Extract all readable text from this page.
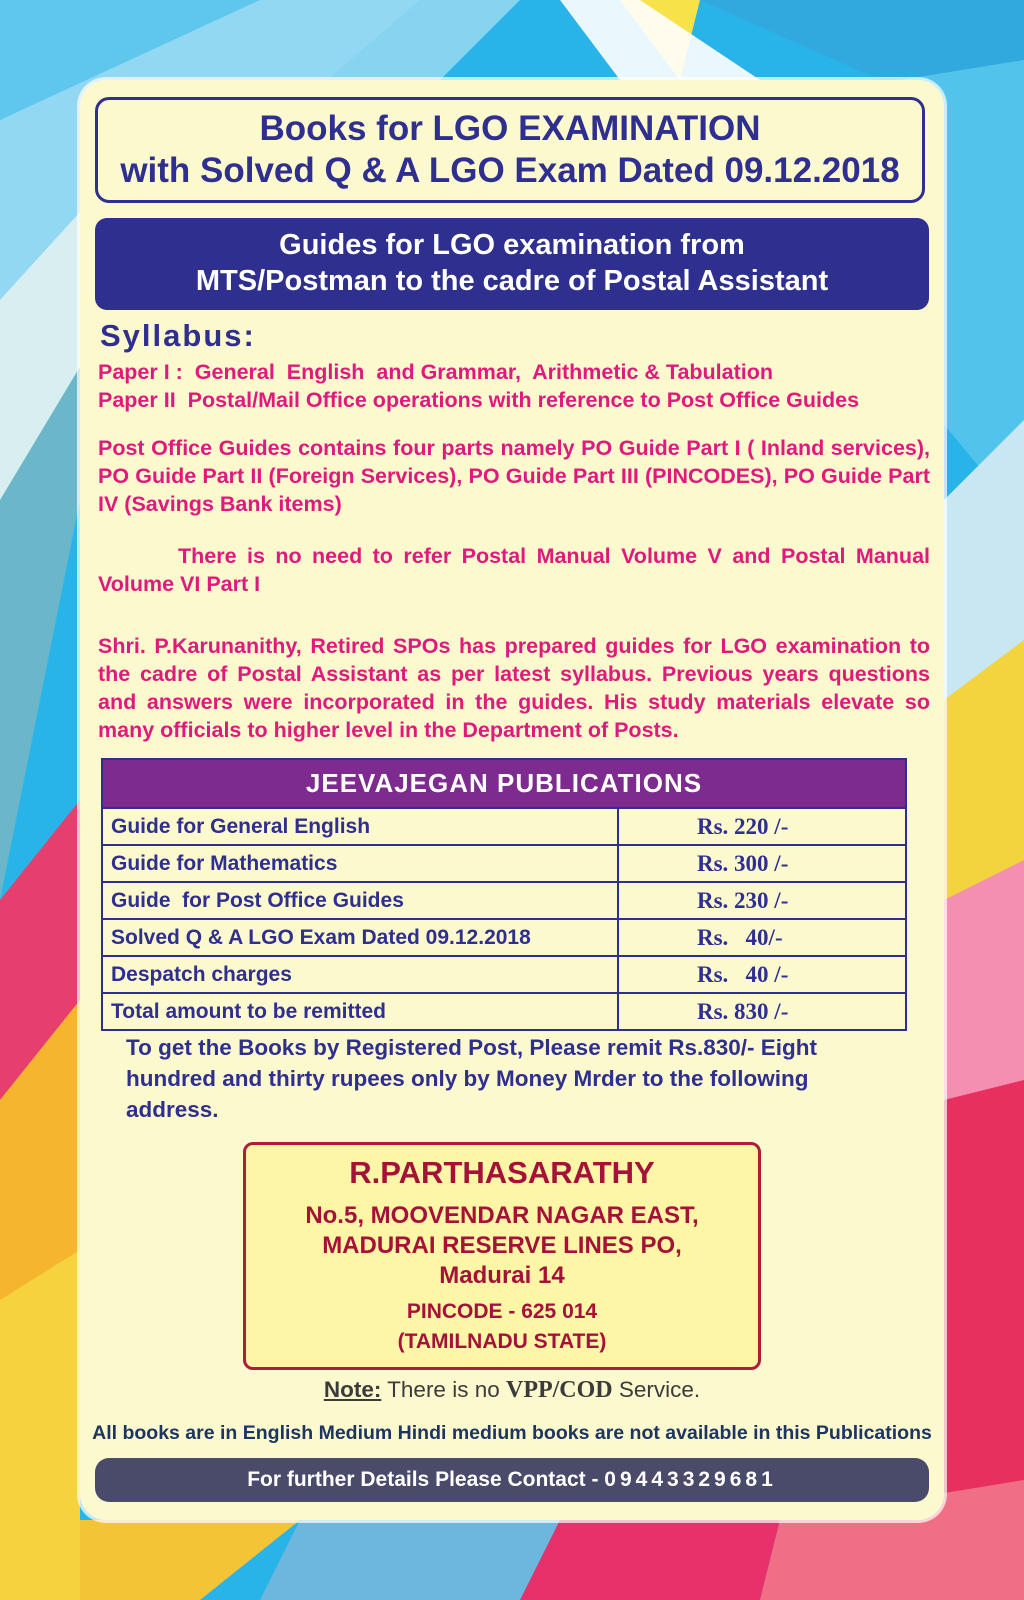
Books for LGO EXAMINATION
with Solved Q & A LGO Exam Dated 09.12.2018
Guides for LGO examination from
MTS/Postman to the cadre of Postal Assistant
Syllabus:
Paper I :  General  English  and Grammar,  Arithmetic & Tabulation
Paper II  Postal/Mail Office operations with reference to Post Office Guides
Post Office Guides contains four parts namely PO Guide Part I ( Inland services), PO Guide Part II (Foreign Services), PO Guide Part III (PINCODES), PO Guide Part IV (Savings Bank items)
There is no need to refer Postal Manual Volume V and Postal Manual Volume VI Part I
Shri. P.Karunanithy, Retired SPOs has prepared guides for LGO examination to the cadre of Postal Assistant as per latest syllabus. Previous years questions and answers were incorporated in the guides. His study materials elevate so many officials to higher level in the Department of Posts.
JEEVAJEGAN PUBLICATIONS	
Guide for General English	Rs. 220 /-
Guide for Mathematics	Rs. 300 /-
Guide  for Post Office Guides	Rs. 230 /-
Solved Q & A LGO Exam Dated 09.12.2018	Rs.   40/-
Despatch charges	Rs.   40 /-
Total amount to be remitted	Rs. 830 /-
To get the Books by Registered Post, Please remit Rs.830/- Eight hundred and thirty rupees only by Money Mrder to the following address.
R.PARTHASARATHY
No.5, MOOVENDAR NAGAR EAST,
MADURAI RESERVE LINES PO,
Madurai 14
PINCODE - 625 014
(TAMILNADU STATE)
Note: There is no VPP/COD Service.
All books are in English Medium Hindi medium books are not available in this Publications
For further Details Please Contact - 09443329681
